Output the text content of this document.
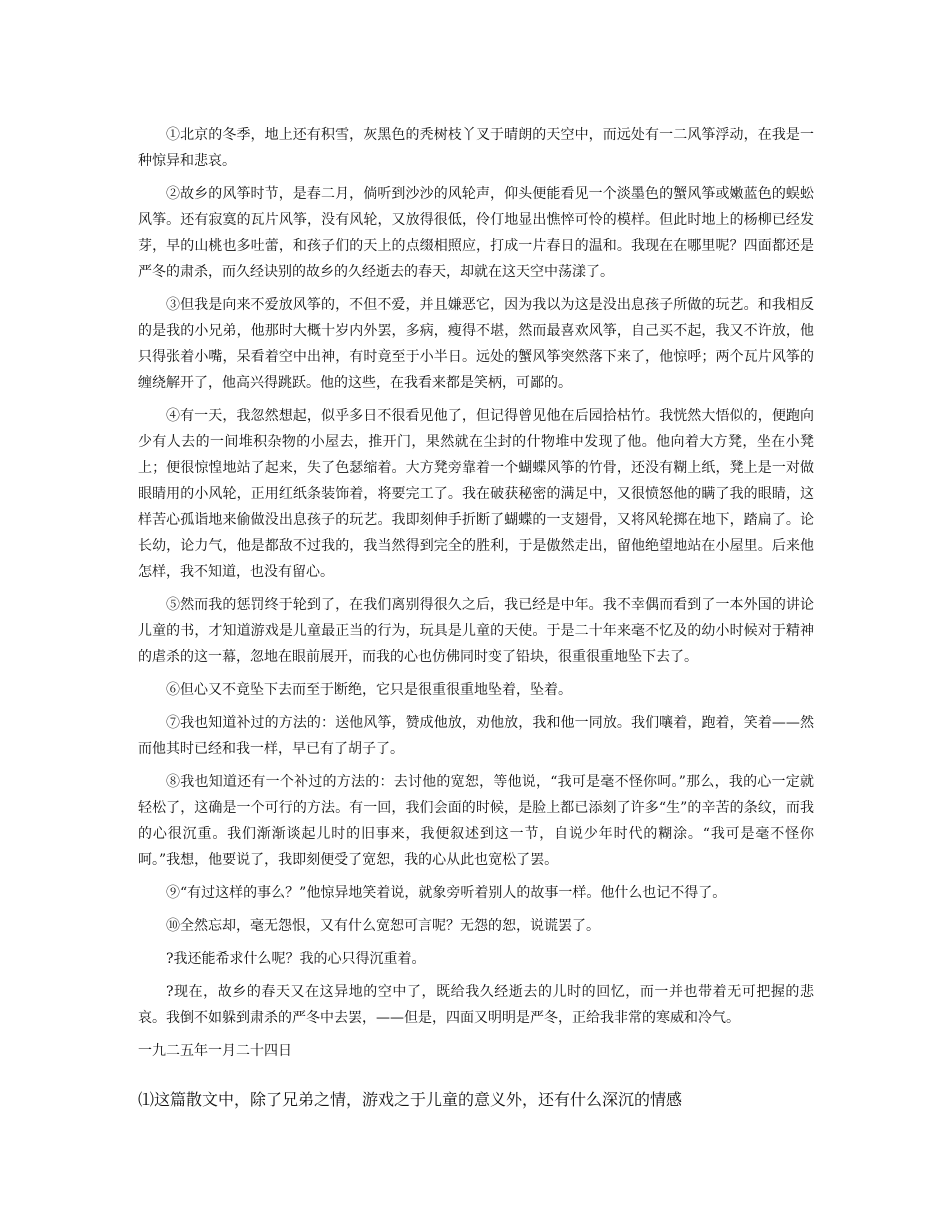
①北京的冬季，地上还有积雪，灰黑色的秃树枝丫叉于晴朗的天空中，而远处有一二风筝浮动，在我是一种惊异和悲哀。

②故乡的风筝时节，是春二月，倘听到沙沙的风轮声，仰头便能看见一个淡墨色的蟹风筝或嫩蓝色的蜈蚣风筝。还有寂寞的瓦片风筝，没有风轮，又放得很低，伶仃地显出憔悴可怜的模样。但此时地上的杨柳已经发芽，早的山桃也多吐蕾，和孩子们的天上的点缀相照应，打成一片春日的温和。我现在在哪里呢？四面都还是严冬的肃杀，而久经诀别的故乡的久经逝去的春天，却就在这天空中荡漾了。

③但我是向来不爱放风筝的，不但不爱，并且嫌恶它，因为我以为这是没出息孩子所做的玩艺。和我相反的是我的小兄弟，他那时大概十岁内外罢，多病，瘦得不堪，然而最喜欢风筝，自己买不起，我又不许放，他只得张着小嘴，呆看着空中出神，有时竟至于小半日。远处的蟹风筝突然落下来了，他惊呼；两个瓦片风筝的缠绕解开了，他高兴得跳跃。他的这些，在我看来都是笑柄，可鄙的。

④有一天，我忽然想起，似乎多日不很看见他了，但记得曾见他在后园拾枯竹。我恍然大悟似的，便跑向少有人去的一间堆积杂物的小屋去，推开门，果然就在尘封的什物堆中发现了他。他向着大方凳，坐在小凳上；便很惊惶地站了起来，失了色瑟缩着。大方凳旁靠着一个蝴蝶风筝的竹骨，还没有糊上纸，凳上是一对做眼睛用的小风轮，正用红纸条装饰着，将要完工了。我在破获秘密的满足中，又很愤怒他的瞒了我的眼睛，这样苦心孤诣地来偷做没出息孩子的玩艺。我即刻伸手折断了蝴蝶的一支翅骨，又将风轮掷在地下，踏扁了。论长幼，论力气，他是都敌不过我的，我当然得到完全的胜利，于是傲然走出，留他绝望地站在小屋里。后来他怎样，我不知道，也没有留心。

⑤然而我的惩罚终于轮到了，在我们离别得很久之后，我已经是中年。我不幸偶而看到了一本外国的讲论儿童的书，才知道游戏是儿童最正当的行为，玩具是儿童的天使。于是二十年来毫不忆及的幼小时候对于精神的虐杀的这一幕，忽地在眼前展开，而我的心也仿佛同时变了铅块，很重很重地坠下去了。

⑥但心又不竟坠下去而至于断绝，它只是很重很重地坠着，坠着。

⑦我也知道补过的方法的：送他风筝，赞成他放，劝他放，我和他一同放。我们嚷着，跑着，笑着——然而他其时已经和我一样，早已有了胡子了。

⑧我也知道还有一个补过的方法的：去讨他的宽恕，等他说，“我可是毫不怪你呵。”那么，我的心一定就轻松了，这确是一个可行的方法。有一回，我们会面的时候，是脸上都已添刻了许多“生”的辛苦的条纹，而我的心很沉重。我们渐渐谈起儿时的旧事来，我便叙述到这一节，自说少年时代的糊涂。“我可是毫不怪你呵。”我想，他要说了，我即刻便受了宽恕，我的心从此也宽松了罢。

⑨“有过这样的事么？”他惊异地笑着说，就象旁听着别人的故事一样。他什么也记不得了。

⑩全然忘却，毫无怨恨，又有什么宽恕可言呢？无怨的恕，说谎罢了。

?我还能希求什么呢？我的心只得沉重着。

?现在，故乡的春天又在这异地的空中了，既给我久经逝去的儿时的回忆，而一并也带着无可把握的悲哀。我倒不如躲到肃杀的严冬中去罢，——但是，四面又明明是严冬，正给我非常的寒威和冷气。

一九二五年一月二十四日

⑴这篇散文中，除了兄弟之情，游戏之于儿童的意义外，还有什么深沉的情感
